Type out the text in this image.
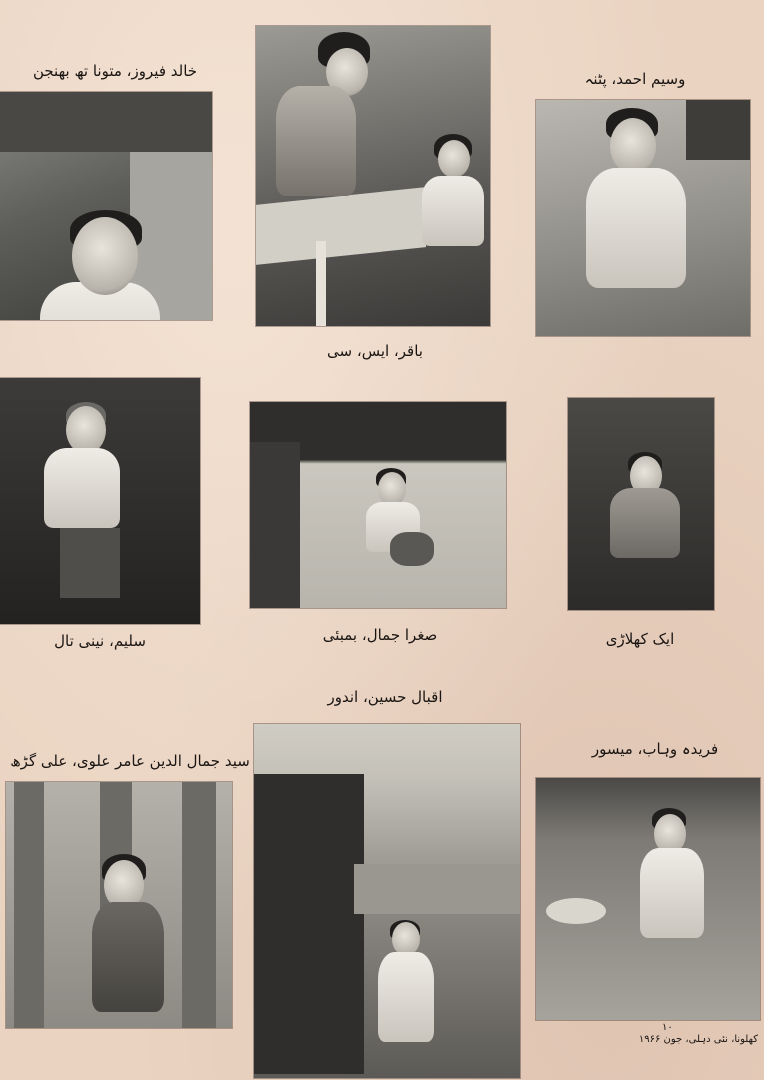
خالد فیروز، متونا تھ بھنجن
باقر، ایس، سی
وسیم احمد، پٹنہ
سلیم، نینی تال	صغرا جمال، بمبئی	ایک کھلاڑی
اقبال حسین، اندور
سید جمال الدین عامر علوی، علی گڑھ
فریدہ وہاب، میسور
۱۰
کھلونا، نئی دہلی، جون ۱۹۶۶
